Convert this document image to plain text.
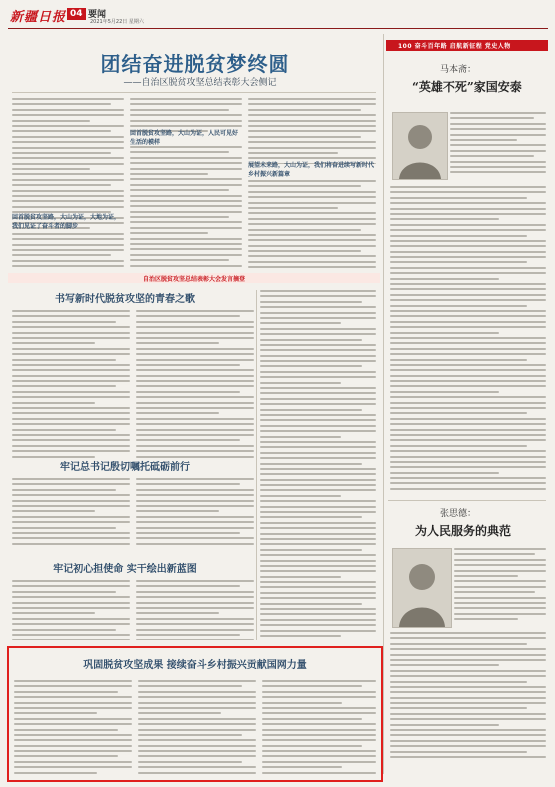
新疆日报 04 要闻
2021年5月22日 星期六
团结奋进脱贫梦终圆
——自治区脱贫攻坚总结表彰大会侧记
回首脱贫攻坚路，大山为证，大地为证，我们见证了奋斗者的脚步
回首脱贫攻坚路，大山为证，人民可见好生活的模样
展望未来路，大山为证，我们将奋进续写新时代乡村振兴新篇章
自治区脱贫攻坚总结表彰大会发言摘登
书写新时代脱贫攻坚的青春之歌
牢记总书记殷切嘱托砥砺前行
牢记初心担使命 实干绘出新蓝图
巩固脱贫攻坚成果 接续奋斗乡村振兴贡献国网力量
100 奋斗百年路 启航新征程 党史人物
马本斋：
“英雄不死”家国安泰
张思德：
为人民服务的典范
